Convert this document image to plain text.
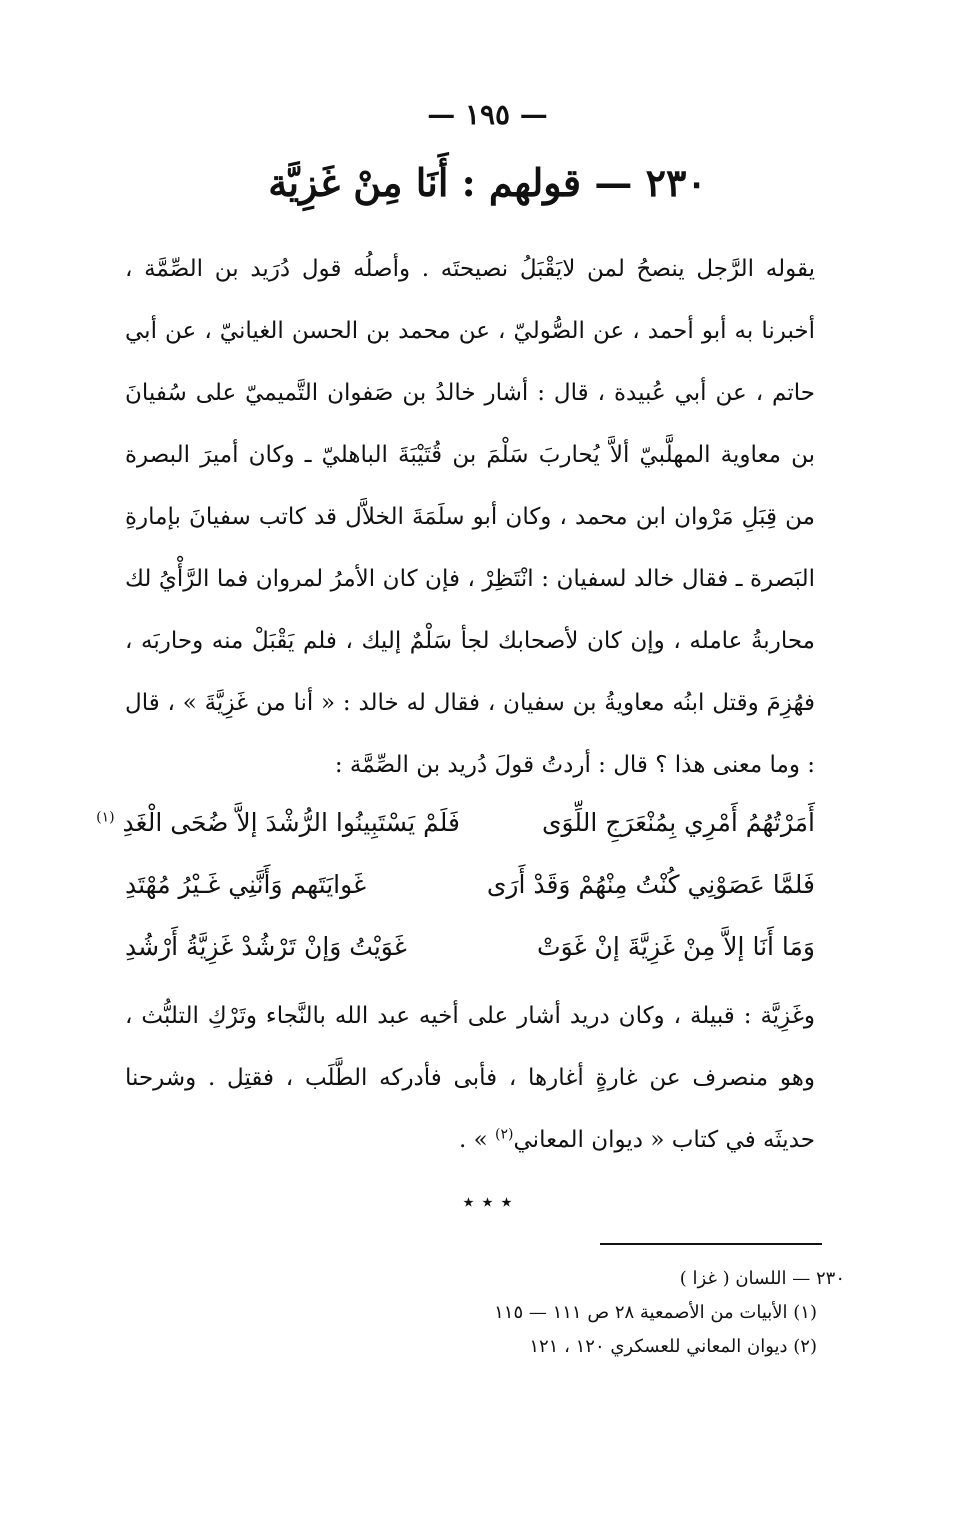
— ١٩٥ —
٢٣٠ — قولهم : أَنَا مِنْ غَزِيَّة
يقوله الرَّجل ينصحُ لمن لايَقْبَلُ نصيحتَه . وأصلُه قول دُرَيد بن الصِّمَّة ، أخبرنا به أبو أحمد ، عن الصُّوليّ ، عن محمد بن الحسن الغيانيّ ، عن أبي حاتم ، عن أبي عُبيدة ، قال : أشار خالدُ بن صَفوان التَّميميّ على سُفيانَ بن معاوية المهلَّبيّ ألاَّ يُحاربَ سَلْمَ بن قُتَيْبَةَ الباهليّ ـ وكان أميرَ البصرة من قِبَلِ مَرْوان ابن محمد ، وكان أبو سلَمَةَ الخلاَّل قد كاتب سفيانَ بإمارةِ البَصرة ـ فقال خالد لسفيان : انْتَظِرْ ، فإن كان الأمرُ لمروان فما الرَّأْيُ لك محاربةُ عامله ، وإن كان لأصحابك لجأ سَلْمٌ إليك ، فلم يَقْبَلْ منه وحاربَه ، فهُزِمَ وقتل ابنُه معاويةُ بن سفيان ، فقال له خالد : « أنا من غَزِيَّةَ » ، قال : وما معنى هذا ؟ قال : أردتُ قولَ دُريد بن الصِّمَّة :
أَمَرْتُهُمُ أَمْرِي بِمُنْعَرَجِ اللِّوَى
فَلَمْ يَسْتَبِينُوا الرُّشْدَ إلاَّ ضُحَى الْغَدِ $^{(١)}$
فَلمَّا عَصَوْنِي كُنْتُ مِنْهُمْ وَقَدْ أَرَى
غَوايَتَهم وَأَنَّنِي غَـيْرُ مُهْتَدِ
وَمَا أَنَا إلاَّ مِنْ غَزِيَّةَ إنْ غَوَتْ
غَوَيْتُ وَإنْ تَرْشُدْ غَزِيَّةُ أَرْشُدِ
وغَزِيَّة : قبيلة ، وكان دريد أشار على أخيه عبد الله بالنَّجاء وتَرْكِ التلبُّث ، وهو منصرف عن غارةٍ أغارها ، فأبى فأدركه الطَّلَب ، فقتِل . وشرحنا حديثَه في كتاب « ديوان المعاني$^{(٢)}$ » .
٭ ٭ ٭
٢٣٠ — اللسان ( غزا )
(١) الأبيات من الأصمعية ٢٨ ص ١١١ — ١١٥
(٢) ديوان المعاني للعسكري ١٢٠ ، ١٢١
